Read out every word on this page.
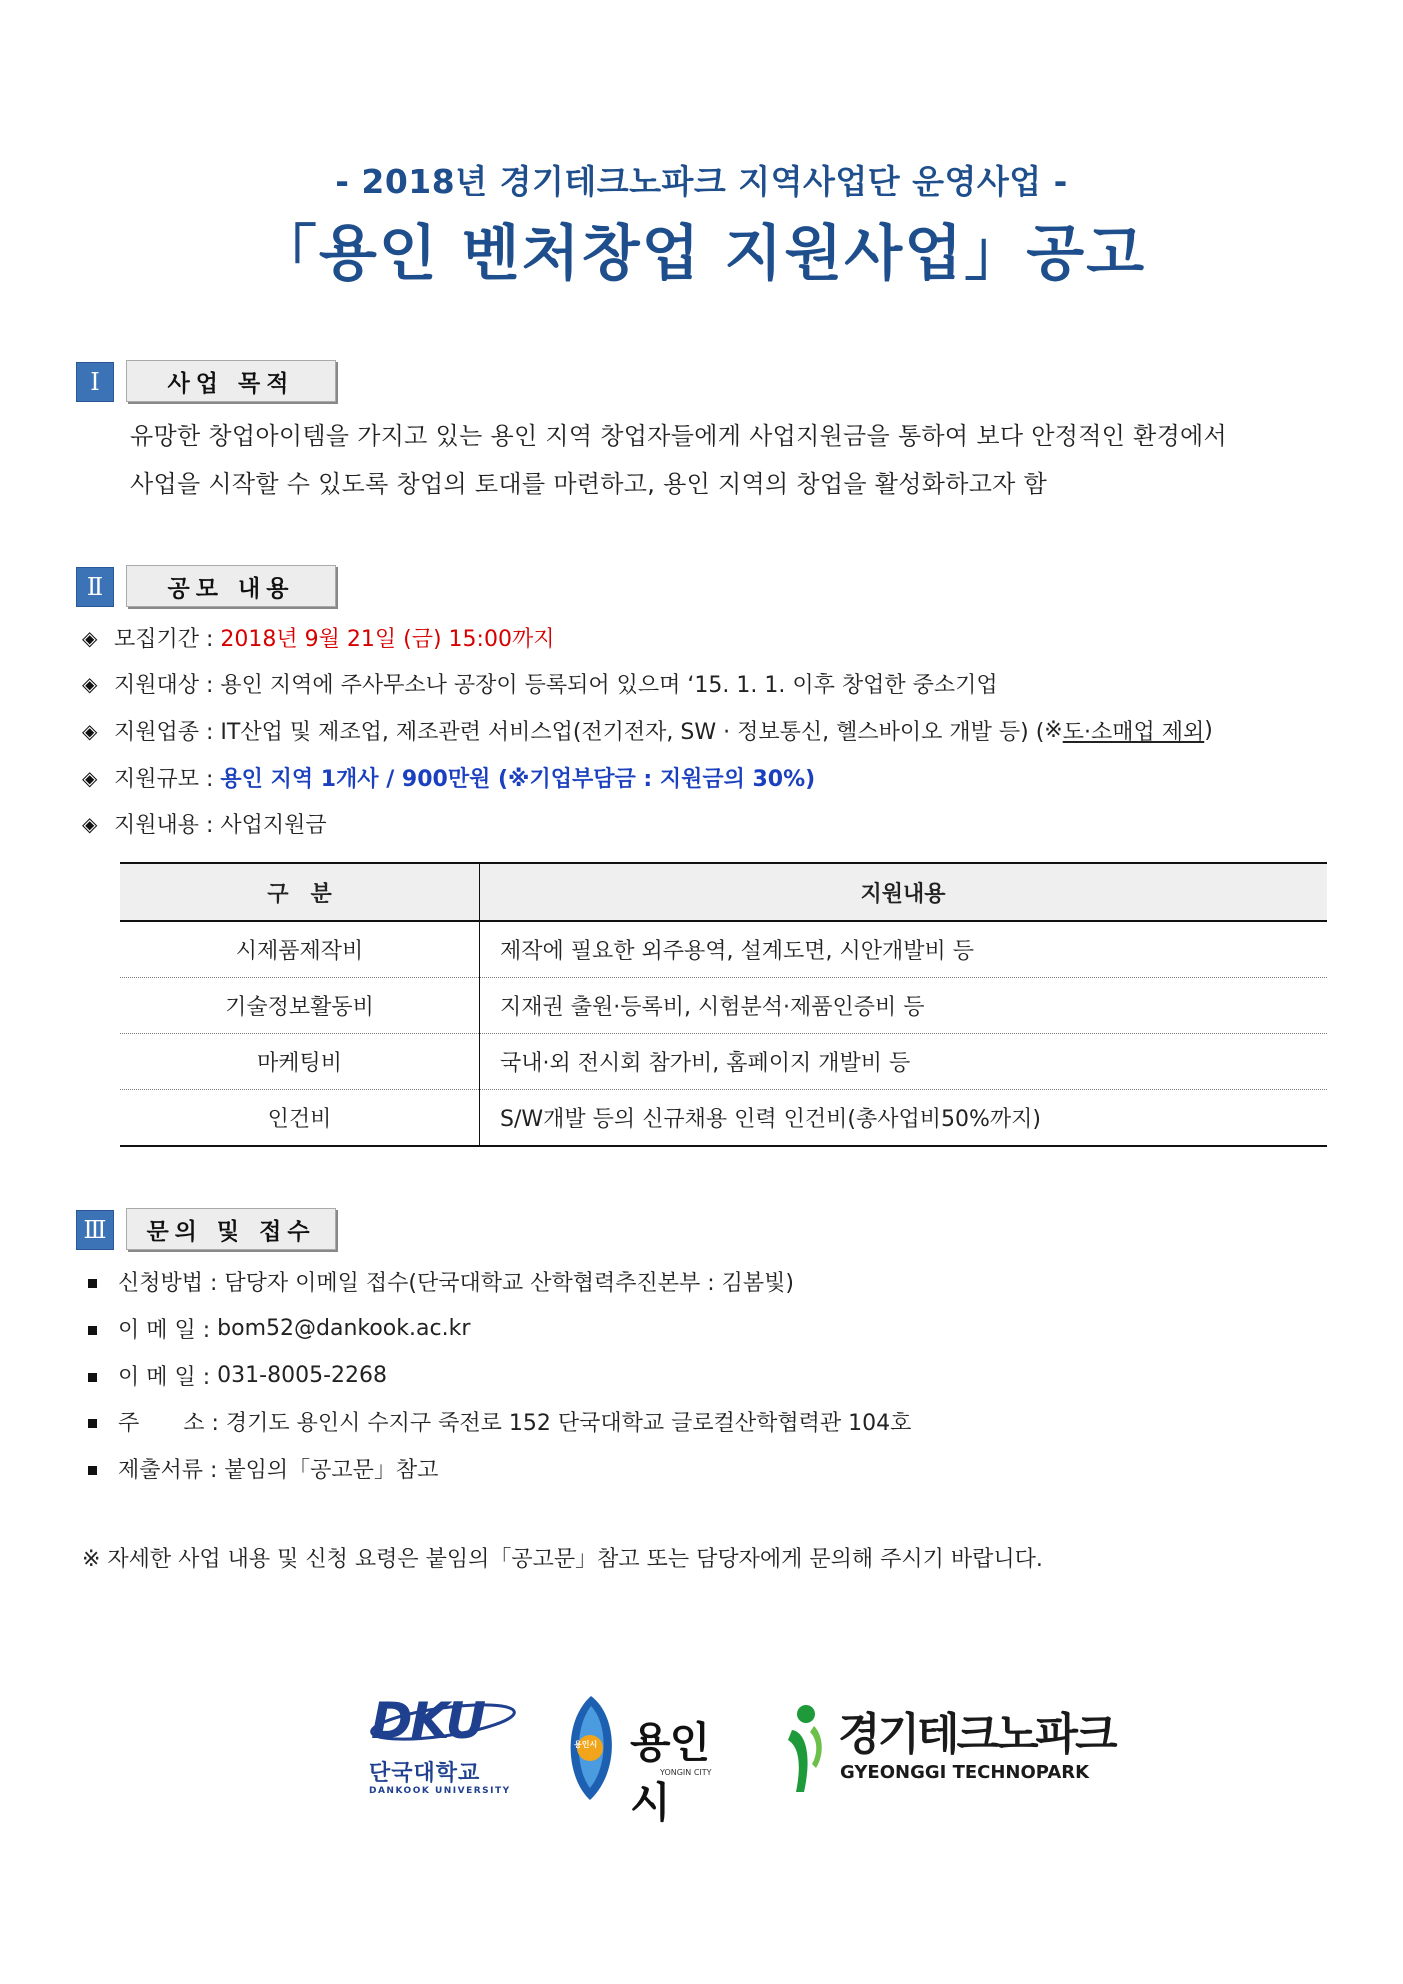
- 2018년 경기테크노파크 지역사업단 운영사업 -
「용인 벤처창업 지원사업」공고
Ⅰ	사업 목적
유망한 창업아이템을 가지고 있는 용인 지역 창업자들에게 사업지원금을 통하여 보다 안정적인 환경에서
사업을 시작할 수 있도록 창업의 토대를 마련하고, 용인 지역의 창업을 활성화하고자 함
Ⅱ	공모 내용
◈ 모집기간 :
2018년 9월 21일 (금) 15:00까지
◈ 지원대상 :
용인 지역에 주사무소나 공장이 등록되어 있으며 ‘15. 1. 1. 이후 창업한 중소기업
◈ 지원업종 :
IT산업 및 제조업, 제조관련 서비스업(전기전자, SW · 정보통신, 헬스바이오 개발 등) ( ※ 도·소매업 제외 )
◈ 지원규모 :
용인 지역 1개사 / 900만원 (※기업부담금 : 지원금의 30%)
◈ 지원내용 :
사업지원금
구　분	지원내용
시제품제작비	제작에 필요한 외주용역, 설계도면, 시안개발비 등
기술정보활동비	지재권 출원·등록비, 시험분석·제품인증비 등
마케팅비	국내·외 전시회 참가비, 홈페이지 개발비 등
인건비	S/W개발 등의 신규채용 인력 인건비(총사업비50%까지)
Ⅲ	문의 및 접수
신청방법 :
담당자 이메일 접수(단국대학교 산학협력추진본부 : 김봄빛)
이 메 일 :
bom52@dankook.ac.kr
이 메 일 :
031-8005-2268
주　　소 :
경기도 용인시 수지구 죽전로 152 단국대학교 글로컬산학협력관 104호
제출서류 :
붙임의「공고문」참고
※ 자세한 사업 내용 및 신청 요령은 붙임의「공고문」참고 또는 담당자에게 문의해 주시기 바랍니다.
DKU
단국대학교
DANKOOK UNIVERSITY
용인시 용인시
YONGIN CITY
경기테크노파크
GYEONGGI TECHNOPARK
